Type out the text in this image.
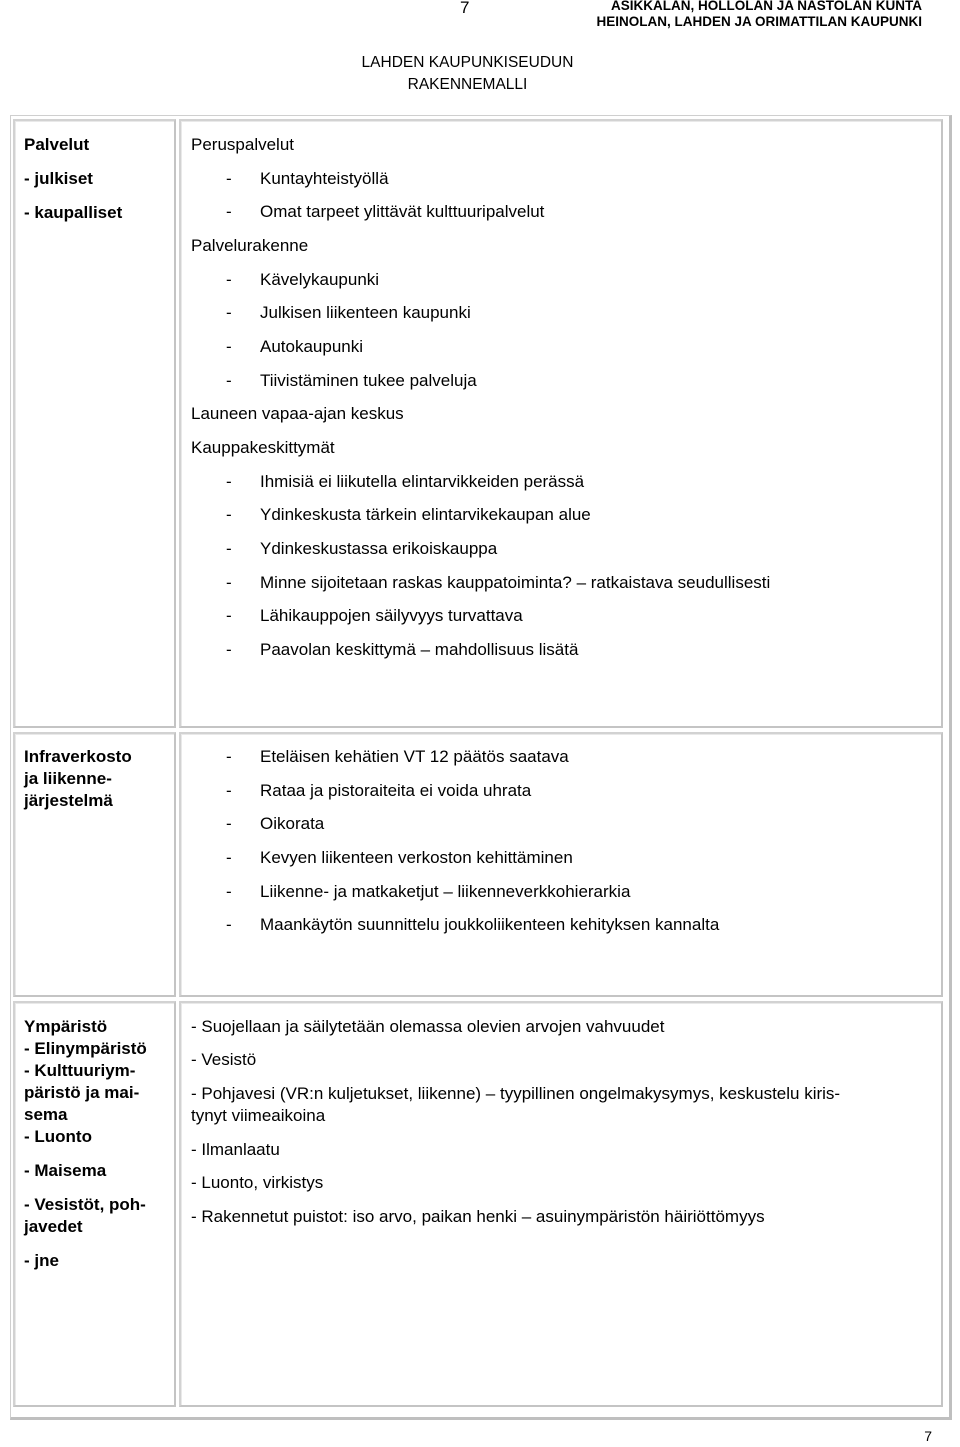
7	ASIKKALAN, HOLLOLAN JA NASTOLAN KUNTA
HEINOLAN, LAHDEN JA ORIMATTILAN KAUPUNKI
LAHDEN KAUPUNKISEUDUN
RAKENNEMALLI
Palvelut
- julkiset
- kaupalliset
Peruspalvelut
- Kuntayhteistyöllä
- Omat tarpeet ylittävät kulttuuripalvelut
Palvelurakenne
- Kävelykaupunki
- Julkisen liikenteen kaupunki
- Autokaupunki
- Tiivistäminen tukee palveluja
Launeen vapaa-ajan keskus
Kauppakeskittymät
- Ihmisiä ei liikutella elintarvikkeiden perässä
- Ydinkeskusta tärkein elintarvikekaupan alue
- Ydinkeskustassa erikoiskauppa
- Minne sijoitetaan raskas kauppatoiminta? – ratkaistava seudullisesti
- Lähikauppojen säilyvyys turvattava
- Paavolan keskittymä – mahdollisuus lisätä
Infraverkosto
ja liikenne-
järjestelmä
- Eteläisen kehätien VT 12 päätös saatava
- Rataa ja pistoraiteita ei voida uhrata
- Oikorata
- Kevyen liikenteen verkoston kehittäminen
- Liikenne- ja matkaketjut – liikenneverkkohierarkia
- Maankäytön suunnittelu joukkoliikenteen kehityksen kannalta
Ympäristö
- Elinympäristö
- Kulttuuriym-
päristö ja mai-
sema
- Luonto
- Maisema
- Vesistöt, poh-
javedet
- jne
- Suojellaan ja säilytetään olemassa olevien arvojen vahvuudet
- Vesistö
- Pohjavesi (VR:n kuljetukset, liikenne) – tyypillinen ongelmakysymys, keskustelu kiris-
tynyt viimeaikoina
- Ilmanlaatu
- Luonto, virkistys
- Rakennetut puistot: iso arvo, paikan henki – asuinympäristön häiriöttömyys
7
